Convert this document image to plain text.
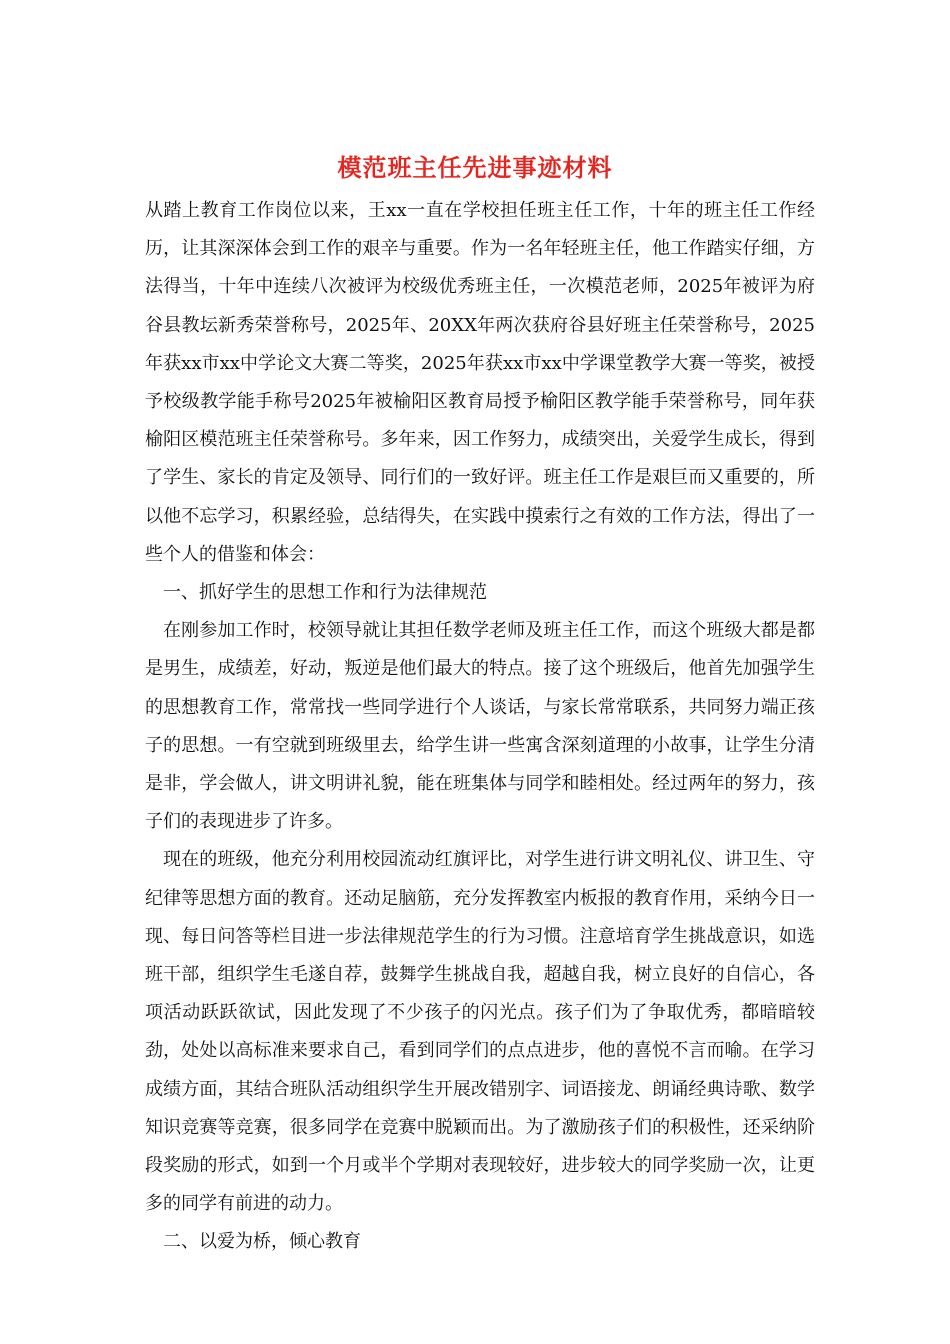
模范班主任先进事迹材料

从踏上教育工作岗位以来，王xx一直在学校担任班主任工作，十年的班主任工作经历，让其深深体会到工作的艰辛与重要。作为一名年轻班主任，他工作踏实仔细，方法得当，十年中连续八次被评为校级优秀班主任，一次模范老师，2025年被评为府谷县教坛新秀荣誉称号，2025年、20XX年两次获府谷县好班主任荣誉称号，2025年获xx市xx中学论文大赛二等奖，2025年获xx市xx中学课堂教学大赛一等奖，被授予校级教学能手称号2025年被榆阳区教育局授予榆阳区教学能手荣誉称号，同年获榆阳区模范班主任荣誉称号。多年来，因工作努力，成绩突出，关爱学生成长，得到了学生、家长的肯定及领导、同行们的一致好评。班主任工作是艰巨而又重要的，所以他不忘学习，积累经验，总结得失，在实践中摸索行之有效的工作方法，得出了一些个人的借鉴和体会：

一、抓好学生的思想工作和行为法律规范

在刚参加工作时，校领导就让其担任数学老师及班主任工作，而这个班级大都是都是男生，成绩差，好动，叛逆是他们最大的特点。接了这个班级后，他首先加强学生的思想教育工作，常常找一些同学进行个人谈话，与家长常常联系，共同努力端正孩子的思想。一有空就到班级里去，给学生讲一些寓含深刻道理的小故事，让学生分清是非，学会做人，讲文明讲礼貌，能在班集体与同学和睦相处。经过两年的努力，孩子们的表现进步了许多。

现在的班级，他充分利用校园流动红旗评比，对学生进行讲文明礼仪、讲卫生、守纪律等思想方面的教育。还动足脑筋，充分发挥教室内板报的教育作用，采纳今日一现、每日问答等栏目进一步法律规范学生的行为习惯。注意培育学生挑战意识，如选班干部，组织学生毛遂自荐，鼓舞学生挑战自我，超越自我，树立良好的自信心，各项活动跃跃欲试，因此发现了不少孩子的闪光点。孩子们为了争取优秀，都暗暗较劲，处处以高标准来要求自己，看到同学们的点点进步，他的喜悦不言而喻。在学习成绩方面，其结合班队活动组织学生开展改错别字、词语接龙、朗诵经典诗歌、数学知识竞赛等竞赛，很多同学在竞赛中脱颖而出。为了激励孩子们的积极性，还采纳阶段奖励的形式，如到一个月或半个学期对表现较好，进步较大的同学奖励一次，让更多的同学有前进的动力。

二、以爱为桥，倾心教育
